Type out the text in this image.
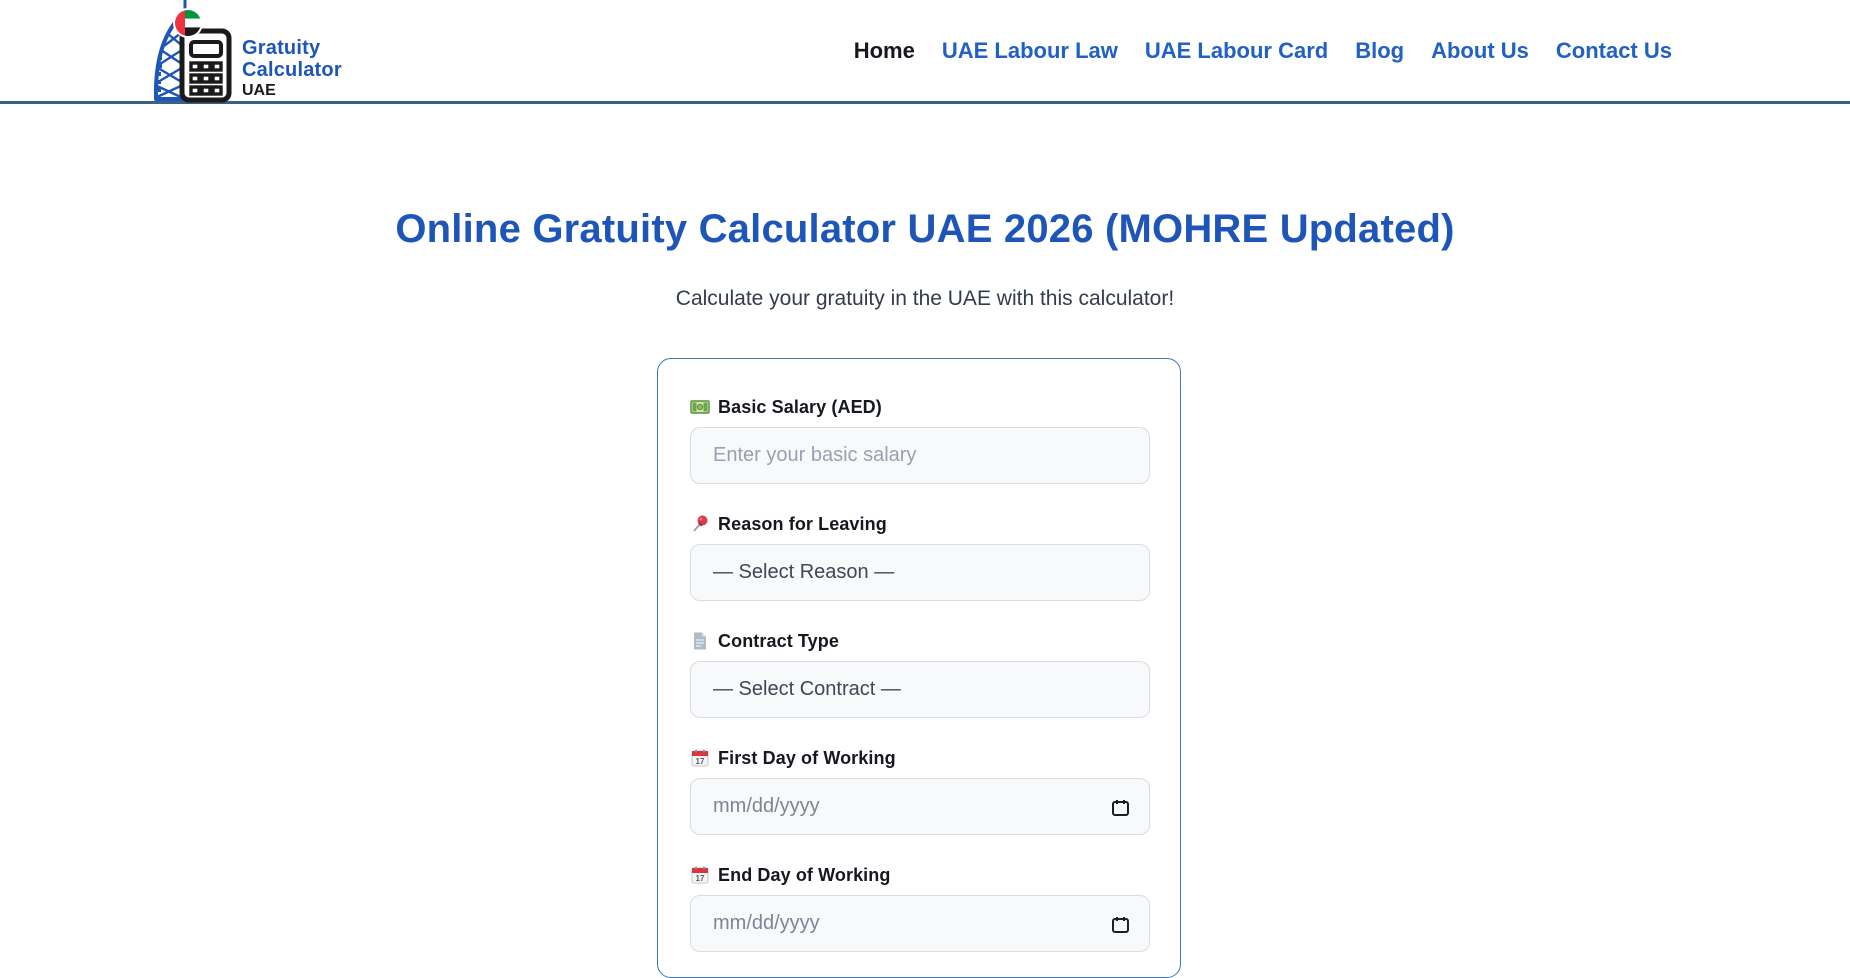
Gratuity
Calculator
UAE
Home UAE Labour Law UAE Labour Card Blog About Us Contact Us
Online Gratuity Calculator UAE 2026 (MOHRE Updated)

Calculate your gratuity in the UAE with this calculator!

Basic Salary (AED)
Enter your basic salary
Reason for Leaving
— Select Reason —
Contract Type
— Select Contract —
17 First Day of Working
mm/dd/yyyy
17 End Day of Working
mm/dd/yyyy
